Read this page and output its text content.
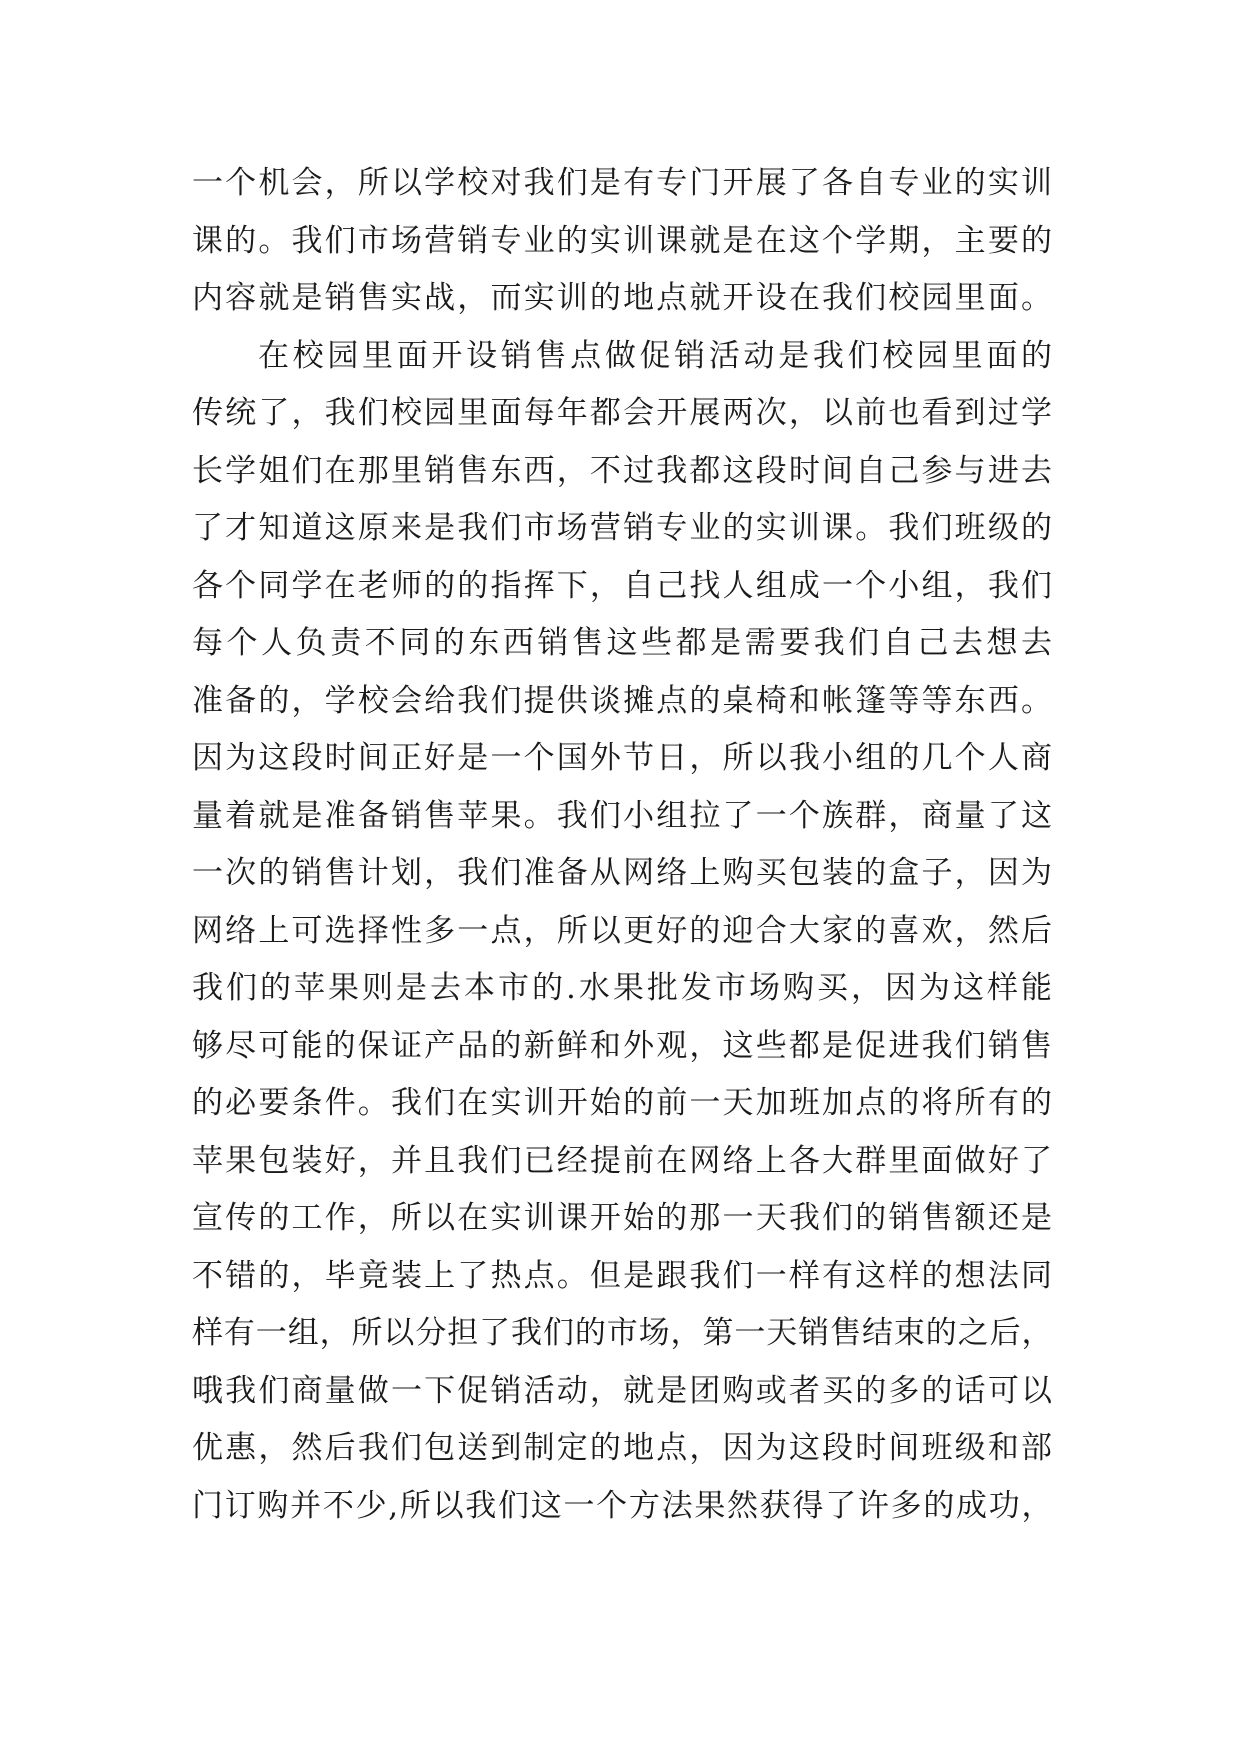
一个机会，所以学校对我们是有专门开展了各自专业的实训
课的。我们市场营销专业的实训课就是在这个学期，主要的
内容就是销售实战，而实训的地点就开设在我们校园里面。
在校园里面开设销售点做促销活动是我们校园里面的
传统了，我们校园里面每年都会开展两次，以前也看到过学
长学姐们在那里销售东西，不过我都这段时间自己参与进去
了才知道这原来是我们市场营销专业的实训课。我们班级的
各个同学在老师的的指挥下，自己找人组成一个小组，我们
每个人负责不同的东西销售这些都是需要我们自己去想去
准备的，学校会给我们提供谈摊点的桌椅和帐篷等等东西。
因为这段时间正好是一个国外节日，所以我小组的几个人商
量着就是准备销售苹果。我们小组拉了一个族群，商量了这
一次的销售计划，我们准备从网络上购买包装的盒子，因为
网络上可选择性多一点，所以更好的迎合大家的喜欢，然后
我们的苹果则是去本市的.水果批发市场购买，因为这样能
够尽可能的保证产品的新鲜和外观，这些都是促进我们销售
的必要条件。我们在实训开始的前一天加班加点的将所有的
苹果包装好，并且我们已经提前在网络上各大群里面做好了
宣传的工作，所以在实训课开始的那一天我们的销售额还是
不错的，毕竟装上了热点。但是跟我们一样有这样的想法同
样有一组，所以分担了我们的市场，第一天销售结束的之后，
哦我们商量做一下促销活动，就是团购或者买的多的话可以
优惠，然后我们包送到制定的地点，因为这段时间班级和部
门订购并不少,所以我们这一个方法果然获得了许多的成功，
